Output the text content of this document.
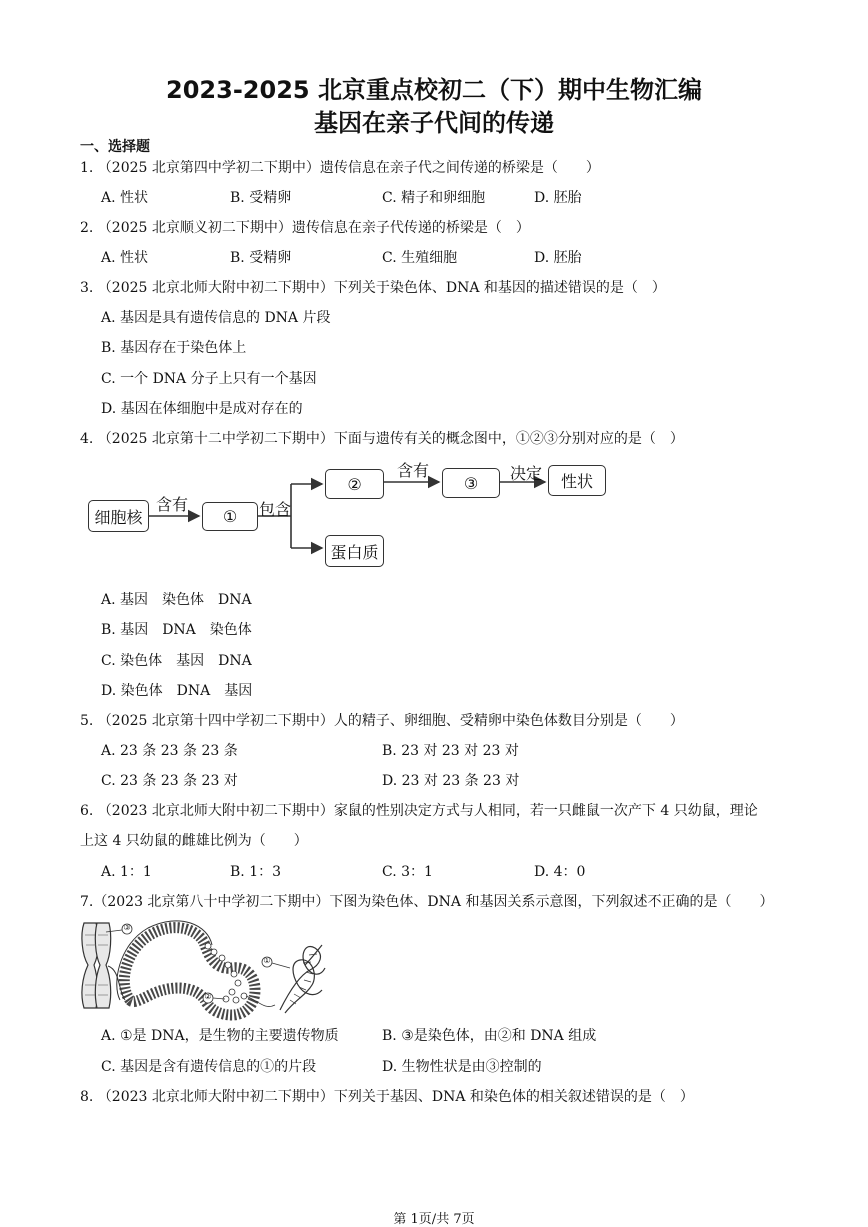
2023-2025 北京重点校初二（下）期中生物汇编
基因在亲子代间的传递
一、选择题
1. （2025 北京第四中学初二下期中）遗传信息在亲子代之间传递的桥梁是（　　）
A. 性状	B. 受精卵	C. 精子和卵细胞	D. 胚胎
2. （2025 北京顺义初二下期中）遗传信息在亲子代传递的桥梁是（　）
A. 性状	B. 受精卵	C. 生殖细胞	D. 胚胎
3. （2025 北京北师大附中初二下期中）下列关于染色体、DNA 和基因的描述错误的是（　）
A. 基因是具有遗传信息的 DNA 片段
B. 基因存在于染色体上
C. 一个 DNA 分子上只有一个基因
D. 基因在体细胞中是成对存在的
4. （2025 北京第十二中学初二下期中）下面与遗传有关的概念图中，①②③分别对应的是（　）
细胞核	①
②	③	性状
蛋白质
含有	包含
含有	决定
A. 基因　染色体　DNA
B. 基因　DNA　染色体
C. 染色体　基因　DNA
D. 染色体　DNA　基因
5. （2025 北京第十四中学初二下期中）人的精子、卵细胞、受精卵中染色体数目分别是（　　）
A. 23 条 23 条 23 条	B. 23 对 23 对 23 对
C. 23 条 23 条 23 对	D. 23 对 23 条 23 对
6. （2023 北京北师大附中初二下期中）家鼠的性别决定方式与人相同，若一只雌鼠一次产下 4 只幼鼠，理论
上这 4 只幼鼠的雌雄比例为（　　）
A. 1：1	B. 1：3	C. 3：1	D. 4：0
7.（2023 北京第八十中学初二下期中）下图为染色体、DNA 和基因关系示意图，下列叙述不正确的是（　　）
③
②
①
A. ①是 DNA，是生物的主要遗传物质	B. ③是染色体，由②和 DNA 组成
C. 基因是含有遗传信息的①的片段	D. 生物性状是由③控制的
8. （2023 北京北师大附中初二下期中）下列关于基因、DNA 和染色体的相关叙述错误的是（　）
第 1页/共 7页
